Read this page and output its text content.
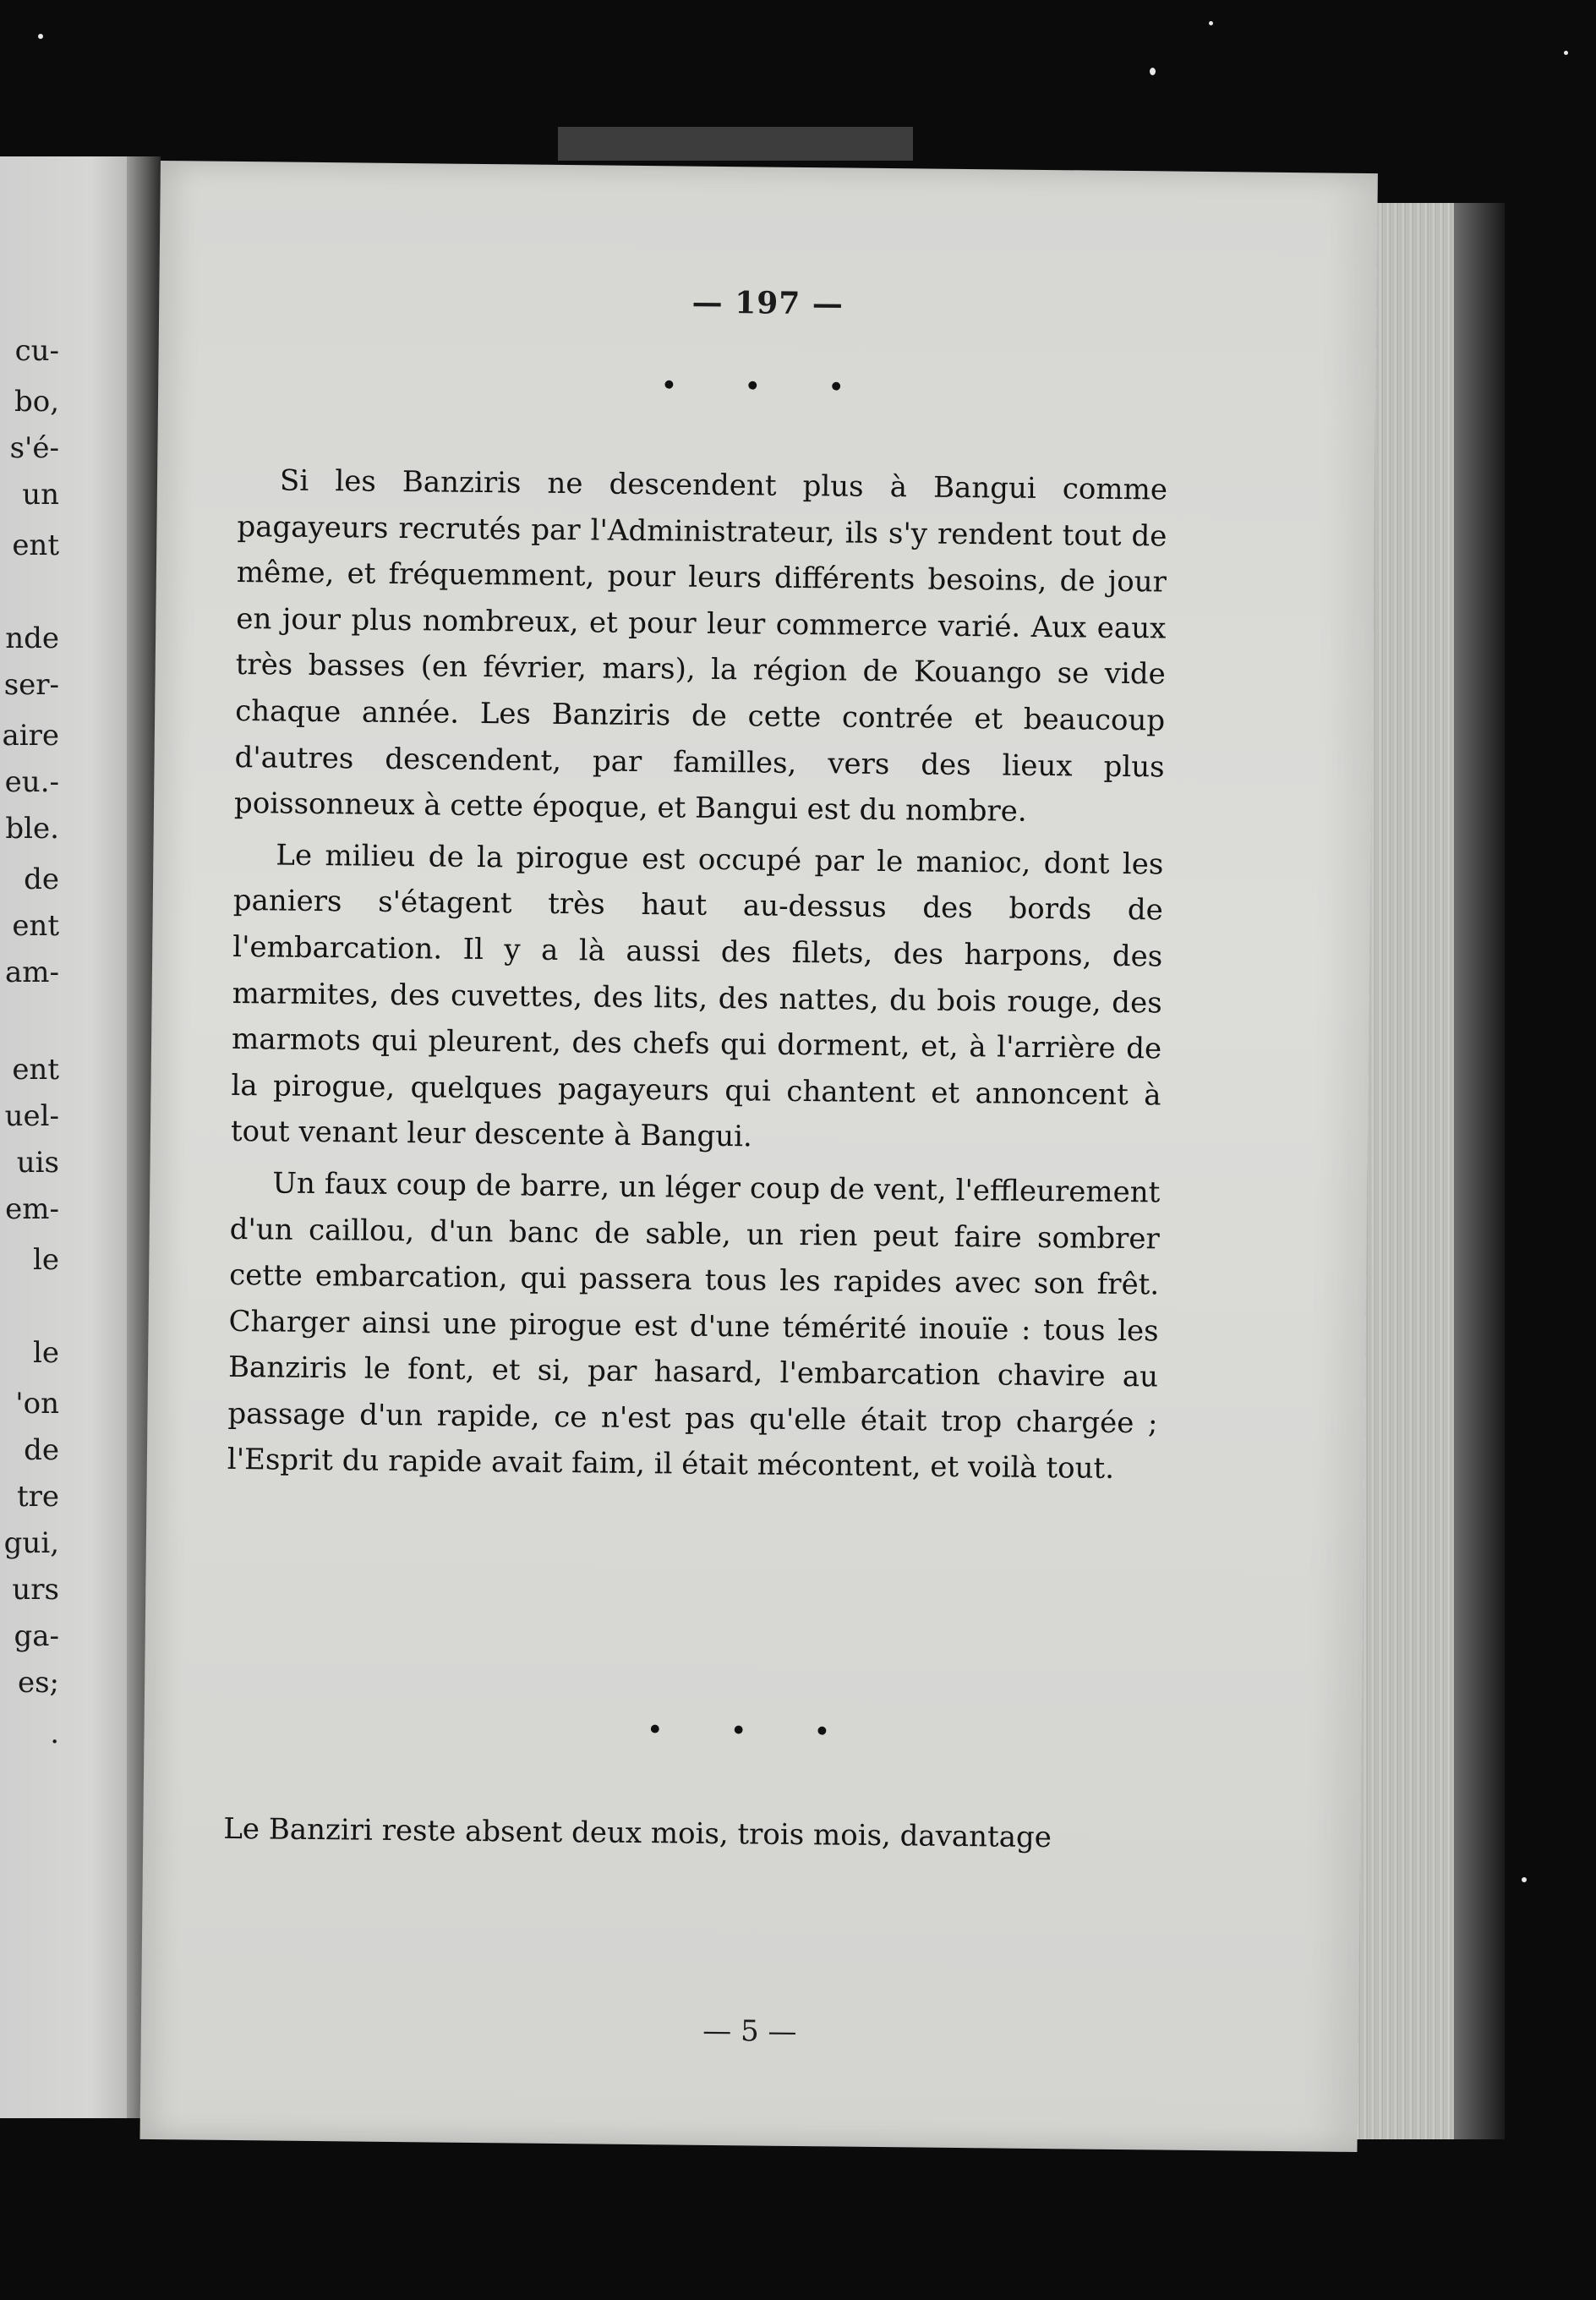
cu-
bo,
s'é-
un
ent
nde
ser-
aire
eu.-
ble.
de
ent
am-
ent
uel-
uis
em-
le
le
'on
de
tre
gui,
urs
ga-
es;
.
— 197 —
• • •

Si les Banziris ne descendent plus à Bangui comme pagayeurs recrutés par l'Administrateur, ils s'y rendent tout de même, et fréquemment, pour leurs différents besoins, de jour en jour plus nombreux, et pour leur commerce varié. Aux eaux très basses (en février, mars), la région de Kouango se vide chaque année. Les Banziris de cette contrée et beaucoup d'autres descendent, par familles, vers des lieux plus poissonneux à cette époque, et Bangui est du nombre.

Le milieu de la pirogue est occupé par le manioc, dont les paniers s'étagent très haut au-dessus des bords de l'embarcation. Il y a là aussi des filets, des harpons, des marmites, des cuvettes, des lits, des nattes, du bois rouge, des marmots qui pleurent, des chefs qui dorment, et, à l'arrière de la pirogue, quelques pagayeurs qui chantent et annoncent à tout venant leur descente à Bangui.

Un faux coup de barre, un léger coup de vent, l'effleurement d'un caillou, d'un banc de sable, un rien peut faire sombrer cette embarcation, qui passera tous les rapides avec son frêt. Charger ainsi une pirogue est d'une témérité inouïe : tous les Banziris le font, et si, par hasard, l'embarcation chavire au passage d'un rapide, ce n'est pas qu'elle était trop chargée ; l'Esprit du rapide avait faim, il était mécontent, et voilà tout.

• • •

Le Banziri reste absent deux mois, trois mois, davantage

— 5 —
